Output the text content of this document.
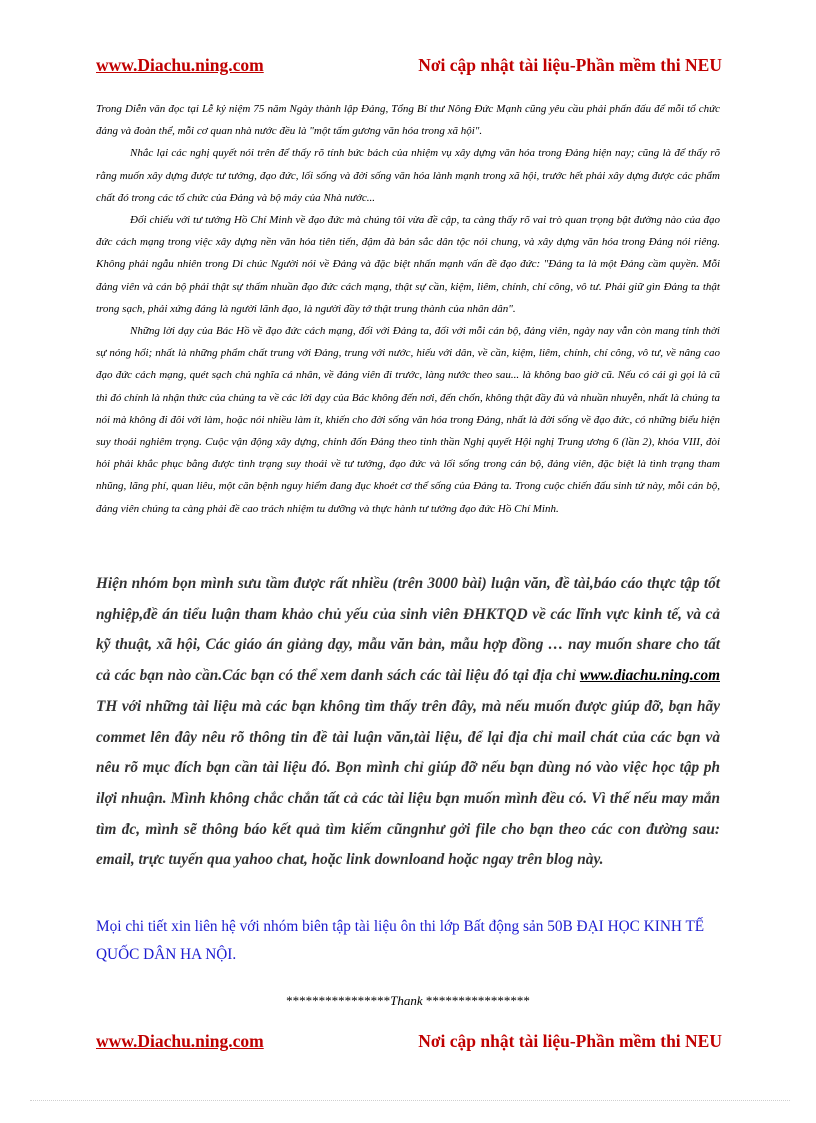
www.Diachu.ning.com	Nơi cập nhật tài liệu-Phần mềm thi NEU

Trong Diễn văn đọc tại Lễ kỷ niệm 75 năm Ngày thành lập Đảng, Tổng Bí thư Nông Đức Mạnh cũng yêu cầu phải phấn đấu để mỗi tổ chức đảng và đoàn thể, mỗi cơ quan nhà nước đều là "một tấm gương văn hóa trong xã hội".

Nhắc lại các nghị quyết nói trên để thấy rõ tính bức bách của nhiệm vụ xây dựng văn hóa trong Đảng hiện nay; cũng là để thấy rõ rằng muốn xây dựng được tư tưởng, đạo đức, lối sống và đời sống văn hóa lành mạnh trong xã hội, trước hết phải xây dựng được các phẩm chất đó trong các tổ chức của Đảng và bộ máy của Nhà nước...

Đối chiếu với tư tưởng Hồ Chí Minh về đạo đức mà chúng tôi vừa đề cập, ta càng thấy rõ vai trò quan trọng bật đường nào của đạo đức cách mạng trong việc xây dựng nền văn hóa tiên tiến, đậm đà bản sắc dân tộc nói chung, và xây dựng văn hóa trong Đảng nói riêng. Không phải ngẫu nhiên trong Di chúc Người nói về Đảng và đặc biệt nhấn mạnh vấn đề đạo đức: "Đảng ta là một Đảng cầm quyền. Mỗi đảng viên và cán bộ phải thật sự thấm nhuần đạo đức cách mạng, thật sự cần, kiệm, liêm, chính, chí công, vô tư. Phải giữ gìn Đảng ta thật trong sạch, phải xứng đáng là người lãnh đạo, là người đầy tớ thật trung thành của nhân dân".

Những lời dạy của Bác Hồ về đạo đức cách mạng, đối với Đảng ta, đối với mỗi cán bộ, đảng viên, ngày nay vẫn còn mang tính thời sự nóng hổi; nhất là những phẩm chất trung với Đảng, trung với nước, hiếu với dân, về cần, kiệm, liêm, chính, chí công, vô tư, về nâng cao đạo đức cách mạng, quét sạch chủ nghĩa cá nhân, về đảng viên đi trước, làng nước theo sau... là không bao giờ cũ. Nếu có cái gì gọi là cũ thì đó chính là nhận thức của chúng ta về các lời dạy của Bác không đến nơi, đến chốn, không thật đầy đủ và nhuần nhuyễn, nhất là chúng ta nói mà không đi đôi với làm, hoặc nói nhiều làm ít, khiến cho đời sống văn hóa trong Đảng, nhất là đời sống về đạo đức, có những biểu hiện suy thoái nghiêm trọng. Cuộc vận động xây dựng, chỉnh đốn Đảng theo tinh thần Nghị quyết Hội nghị Trung ương 6 (lần 2), khóa VIII, đòi hỏi phải khắc phục bằng được tình trạng suy thoái về tư tưởng, đạo đức và lối sống trong cán bộ, đảng viên, đặc biệt là tình trạng tham nhũng, lãng phí, quan liêu, một căn bệnh nguy hiểm đang đục khoét cơ thể sống của Đảng ta. Trong cuộc chiến đấu sinh tử này, mỗi cán bộ, đảng viên chúng ta càng phải đề cao trách nhiệm tu dưỡng và thực hành tư tưởng đạo đức Hồ Chí Minh.

Hiện nhóm bọn mình sưu tầm được rất nhiều (trên 3000 bài) luận văn, đề tài,báo cáo thực tập tốt nghiệp,đề án tiểu luận tham khảo chủ yếu của sinh viên ĐHKTQD về các lĩnh vực kinh tế, và cả kỹ thuật, xã hội, Các giáo án giảng dạy, mẫu văn bản, mẫu hợp đồng … nay muốn share cho tất cả các bạn nào cần.Các bạn có thể xem danh sách các tài liệu đó tại địa chỉ www.diachu.ning.com TH với những tài liệu mà các bạn không tìm thấy trên đây, mà nếu muốn được giúp đỡ, bạn hãy commet lên đây nêu rõ thông tin đề tài luận văn,tài liệu, để lại địa chỉ mail chát của các bạn và nêu rõ mục đích bạn cần tài liệu đó. Bọn mình chỉ giúp đỡ nếu bạn dùng nó vào việc học tập ph ilợi nhuận. Mình không chắc chắn tất cả các tài liệu bạn muốn mình đều có. Vì thế nếu may mắn tìm đc, mình sẽ thông báo kết quả tìm kiếm cũngnhư gởi file cho bạn theo các con đường sau: email, trực tuyến qua yahoo chat, hoặc link downloand hoặc ngay trên blog này.
Mọi chi tiết xin liên hệ với nhóm biên tập tài liệu ôn thi lớp Bất động sản 50B ĐẠI HỌC KINH TẾ QUỐC DÂN HA NỘI.
****************Thank ****************
www.Diachu.ning.com	Nơi cập nhật tài liệu-Phần mềm thi NEU
